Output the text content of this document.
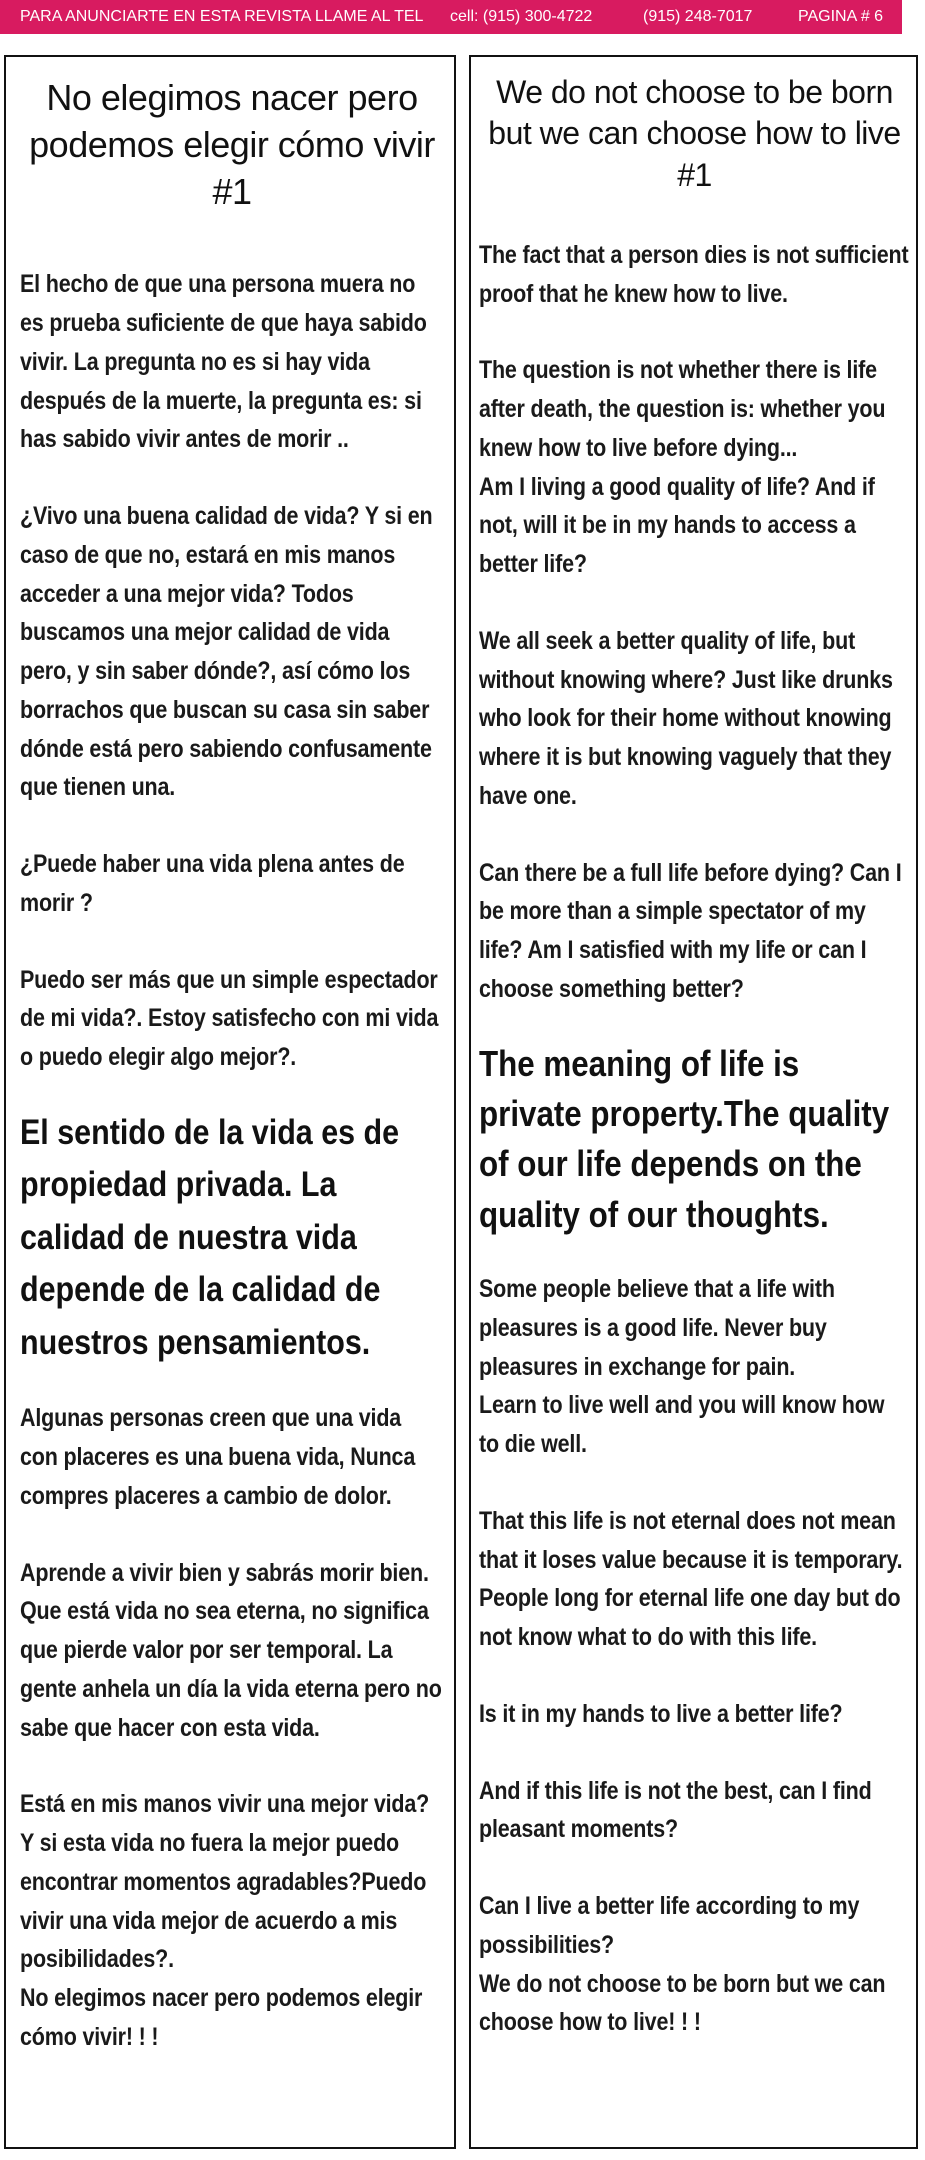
PARA ANUNCIARTE EN ESTA REVISTA LLAME AL TEL cell: (915) 300-4722	(915) 248-7017	PAGINA # 6
No elegimos nacer pero podemos elegir cómo vivir #1

El hecho de que una persona muera no es prueba suficiente de que haya sabido vivir. La pregunta no es si hay vida después de la muerte, la pregunta es: si has sabido vivir antes de morir ..

¿Vivo una buena calidad de vida? Y si en caso de que no, estará en mis manos acceder a una mejor vida? Todos buscamos una mejor calidad de vida pero, y sin saber dónde?, así cómo los borrachos que buscan su casa sin saber dónde está pero sabiendo confusamente que tienen una.

¿Puede haber una vida plena antes de morir ?

Puedo ser más que un simple espectador de mi vida?. Estoy satisfecho con mi vida o puedo elegir algo mejor?.

El sentido de la vida es de propiedad privada. La calidad de nuestra vida depende de la calidad de nuestros pensamientos.

Algunas personas creen que una vida con placeres es una buena vida, Nunca compres placeres a cambio de dolor.

Aprende a vivir bien y sabrás morir bien. Que está vida no sea eterna, no significa que pierde valor por ser temporal. La gente anhela un día la vida eterna pero no sabe que hacer con esta vida.

Está en mis manos vivir una mejor vida? Y si esta vida no fuera la mejor puedo encontrar momentos agradables?Puedo vivir una vida mejor de acuerdo a mis posibilidades?.

No elegimos nacer pero podemos elegir cómo vivir! ! !

We do not choose to be born but we can choose how to live #1

The fact that a person dies is not sufficient proof that he knew how to live.

The question is not whether there is life after death, the question is: whether you knew how to live before dying...

Am I living a good quality of life? And if not, will it be in my hands to access a better life?

We all seek a better quality of life, but without knowing where? Just like drunks who look for their home without knowing where it is but knowing vaguely that they have one.

Can there be a full life before dying? Can I be more than a simple spectator of my life? Am I satisfied with my life or can I choose something better?

The meaning of life is private property.The quality of our life depends on the quality of our thoughts.

Some people believe that a life with pleasures is a good life. Never buy pleasures in exchange for pain.

Learn to live well and you will know how to die well.

That this life is not eternal does not mean that it loses value because it is temporary.

People long for eternal life one day but do not know what to do with this life.

Is it in my hands to live a better life?

And if this life is not the best, can I find pleasant moments?

Can I live a better life according to my possibilities?

We do not choose to be born but we can choose how to live! ! !
